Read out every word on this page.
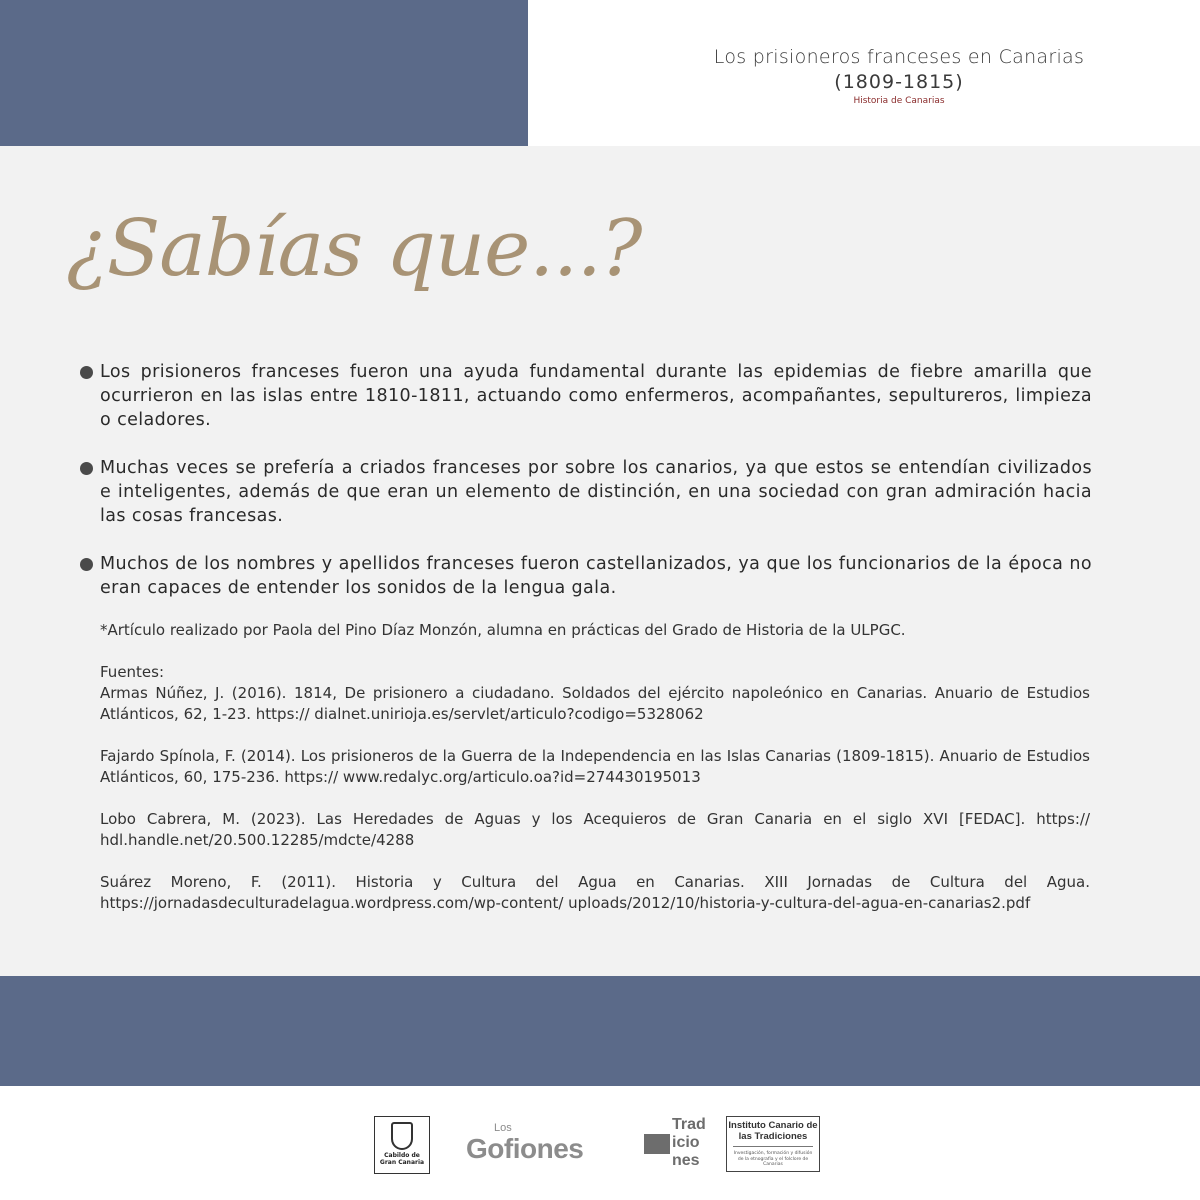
Los prisioneros franceses en Canarias
(1809-1815)
Historia de Canarias
¿Sabías que...?
Los prisioneros franceses fueron una ayuda fundamental durante las epidemias de fiebre amarilla que ocurrieron en las islas entre 1810-1811, actuando como enfermeros, acompañantes, sepultureros, limpieza o celadores.
Muchas veces se prefería a criados franceses por sobre los canarios, ya que estos se entendían civilizados e inteligentes, además de que eran un elemento de distinción, en una sociedad con gran admiración hacia las cosas francesas.
Muchos de los nombres y apellidos franceses fueron castellanizados, ya que los funcionarios de la época no eran capaces de entender los sonidos de la lengua gala.
*Artículo realizado por Paola del Pino Díaz Monzón, alumna en prácticas del Grado de Historia de la ULPGC.
Fuentes:
Armas Núñez, J. (2016). 1814, De prisionero a ciudadano. Soldados del ejército napoleónico en Canarias. Anuario de Estudios Atlánticos, 62, 1-23. https:// dialnet.unirioja.es/servlet/articulo?codigo=5328062
Fajardo Spínola, F. (2014). Los prisioneros de la Guerra de la Independencia en las Islas Canarias (1809-1815). Anuario de Estudios Atlánticos, 60, 175-236. https:// www.redalyc.org/articulo.oa?id=274430195013
Lobo Cabrera, M. (2023). Las Heredades de Aguas y los Acequieros de Gran Canaria en el siglo XVI [FEDAC]. https:// hdl.handle.net/20.500.12285/mdcte/4288
Suárez Moreno, F. (2011). Historia y Cultura del Agua en Canarias. XIII Jornadas de Cultura del Agua. https://jornadasdeculturadelagua.wordpress.com/wp-content/ uploads/2012/10/historia-y-cultura-del-agua-en-canarias2.pdf
Cabildo de Gran Canaria
Los
Gofiones
Trad
icio
nes
Instituto Canario de las Tradiciones
Investigación, formación y difusión de la etnografía y el folclore de Canarias
